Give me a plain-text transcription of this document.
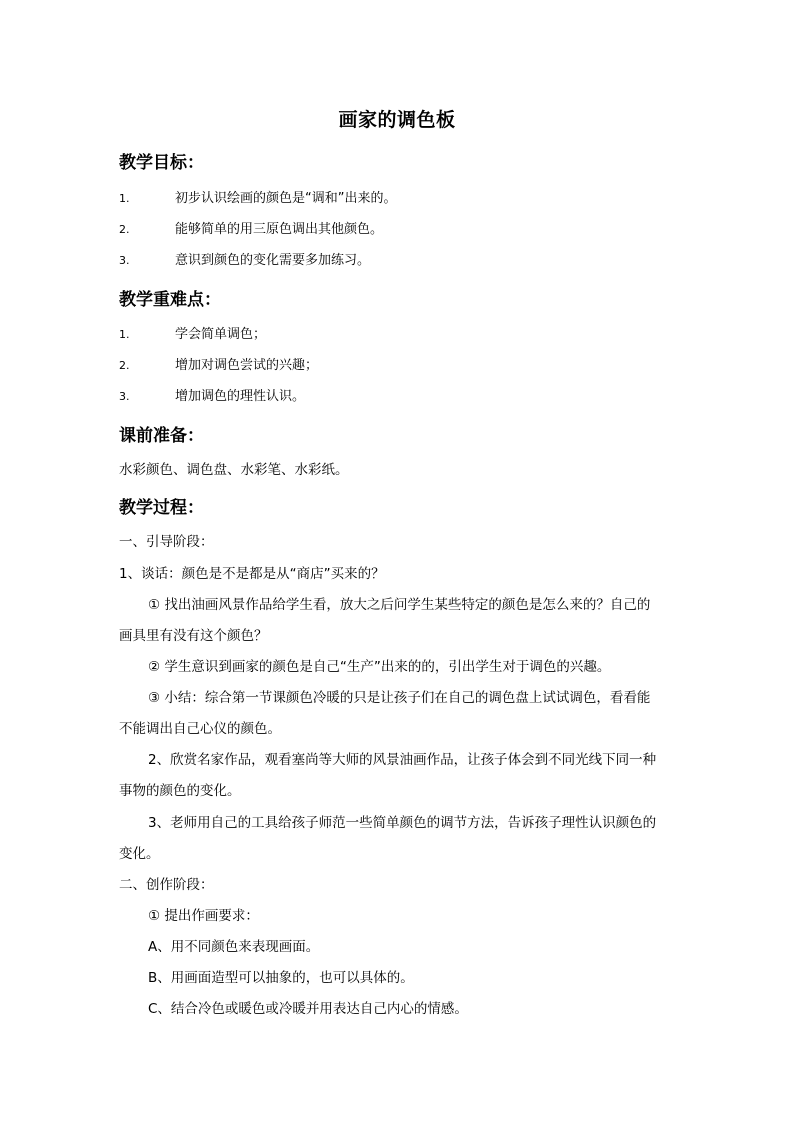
画家的调色板
教学目标：
1.	初步认识绘画的颜色是“调和”出来的。
2.	能够简单的用三原色调出其他颜色。
3.	意识到颜色的变化需要多加练习。
教学重难点：
1.	学会简单调色；
2.	增加对调色尝试的兴趣；
3.	增加调色的理性认识。
课前准备：
水彩颜色、调色盘、水彩笔、水彩纸。
教学过程：
一、引导阶段：
1、谈话：颜色是不是都是从“商店”买来的？
① 找出油画风景作品给学生看，放大之后问学生某些特定的颜色是怎么来的？自己的
画具里有没有这个颜色？
② 学生意识到画家的颜色是自己“生产”出来的的，引出学生对于调色的兴趣。
③ 小结：综合第一节课颜色冷暖的只是让孩子们在自己的调色盘上试试调色，看看能
不能调出自己心仪的颜色。
2、欣赏名家作品，观看塞尚等大师的风景油画作品，让孩子体会到不同光线下同一种
事物的颜色的变化。
3、老师用自己的工具给孩子师范一些简单颜色的调节方法，告诉孩子理性认识颜色的
变化。
二、创作阶段：
① 提出作画要求：
A、用不同颜色来表现画面。
B、用画面造型可以抽象的，也可以具体的。
C、结合冷色或暖色或冷暖并用表达自己内心的情感。
